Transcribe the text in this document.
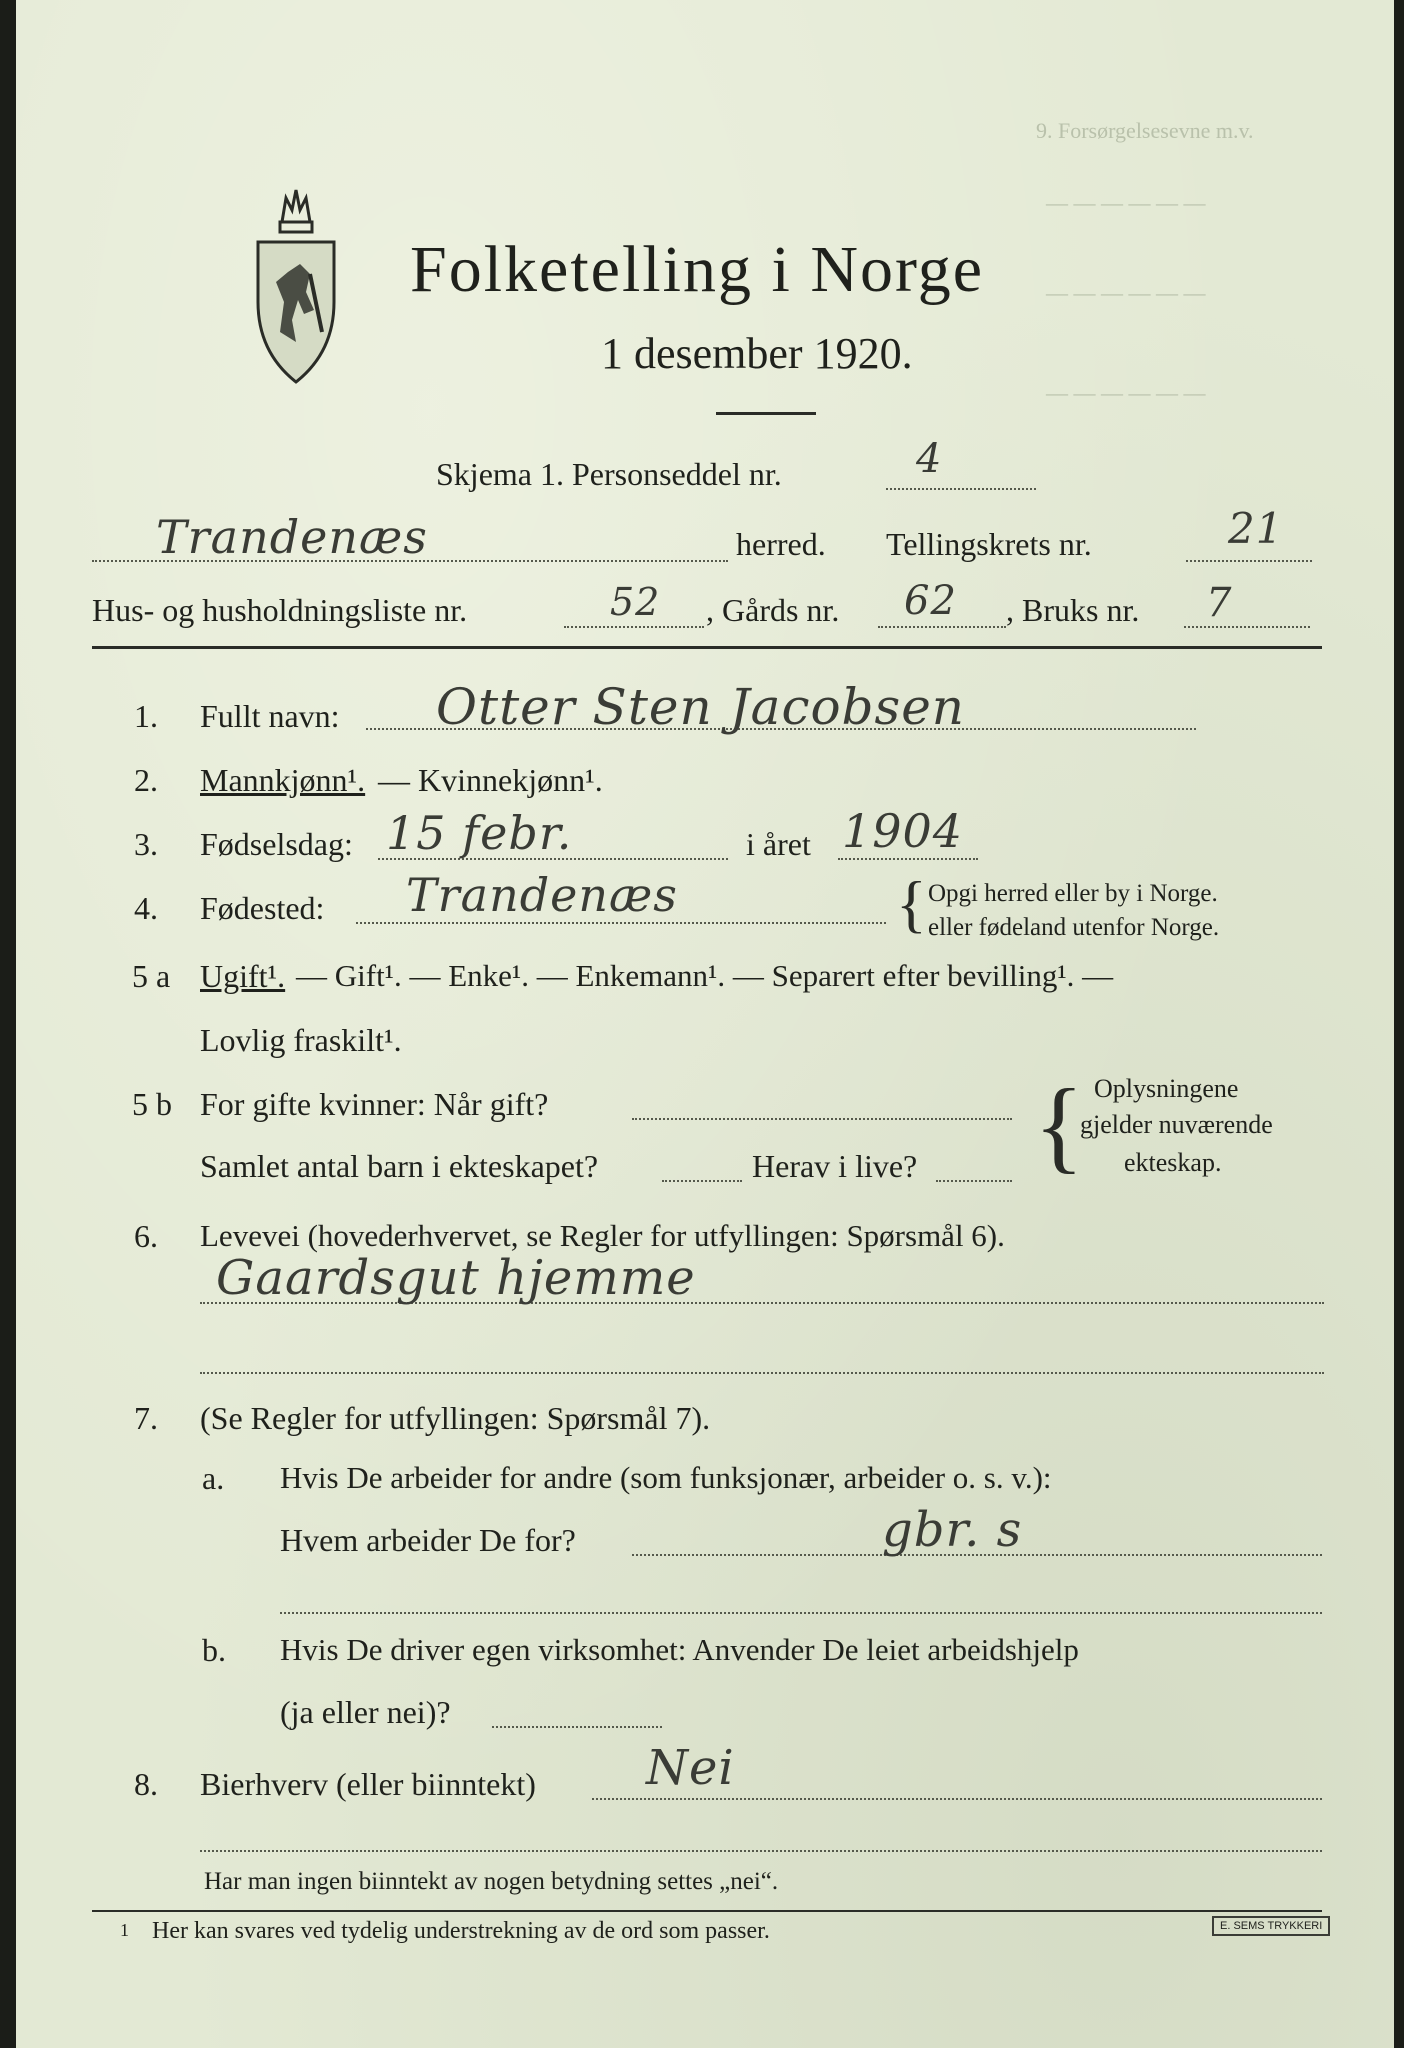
9. Forsørgelsesevne m.v.
— — — — — —
— — — — — —
— — — — — —
Folketelling i Norge
1 desember 1920.
Skjema 1. Personseddel nr.	4
Trandenæs	herred. Tellingskrets nr.	21
Hus- og husholdningsliste nr.	52 , Gårds nr. 62 , Bruks nr. 7
1. Fullt navn: Otter Sten Jacobsen
2. Mannkjønn¹. — Kvinnekjønn¹.
3. Fødselsdag: 15 febr.	i året 1904
4. Fødested: Trandenæs	{ Opgi herred eller by i Norge.
eller fødeland utenfor Norge.
5 a Ugift¹. — Gift¹. — Enke¹. — Enkemann¹. — Separert efter bevilling¹. —
Lovlig fraskilt¹.
5 b For gifte kvinner: Når gift?
Samlet antal barn i ekteskapet?	Herav i live? { Oplysningene
gjelder nuværende
ekteskap.
6. Levevei (hovederhvervet, se Regler for utfyllingen: Spørsmål 6).
Gaardsgut hjemme
7. (Se Regler for utfyllingen: Spørsmål 7).
a. Hvis De arbeider for andre (som funksjonær, arbeider o. s. v.):
Hvem arbeider De for?	gbr. s
b. Hvis De driver egen virksomhet: Anvender De leiet arbeidshjelp
(ja eller nei)?
8. Bierhverv (eller biinntekt) Nei
Har man ingen biinntekt av nogen betydning settes „nei“.
1 Her kan svares ved tydelig understrekning av de ord som passer.	E. SEMS TRYKKERI
